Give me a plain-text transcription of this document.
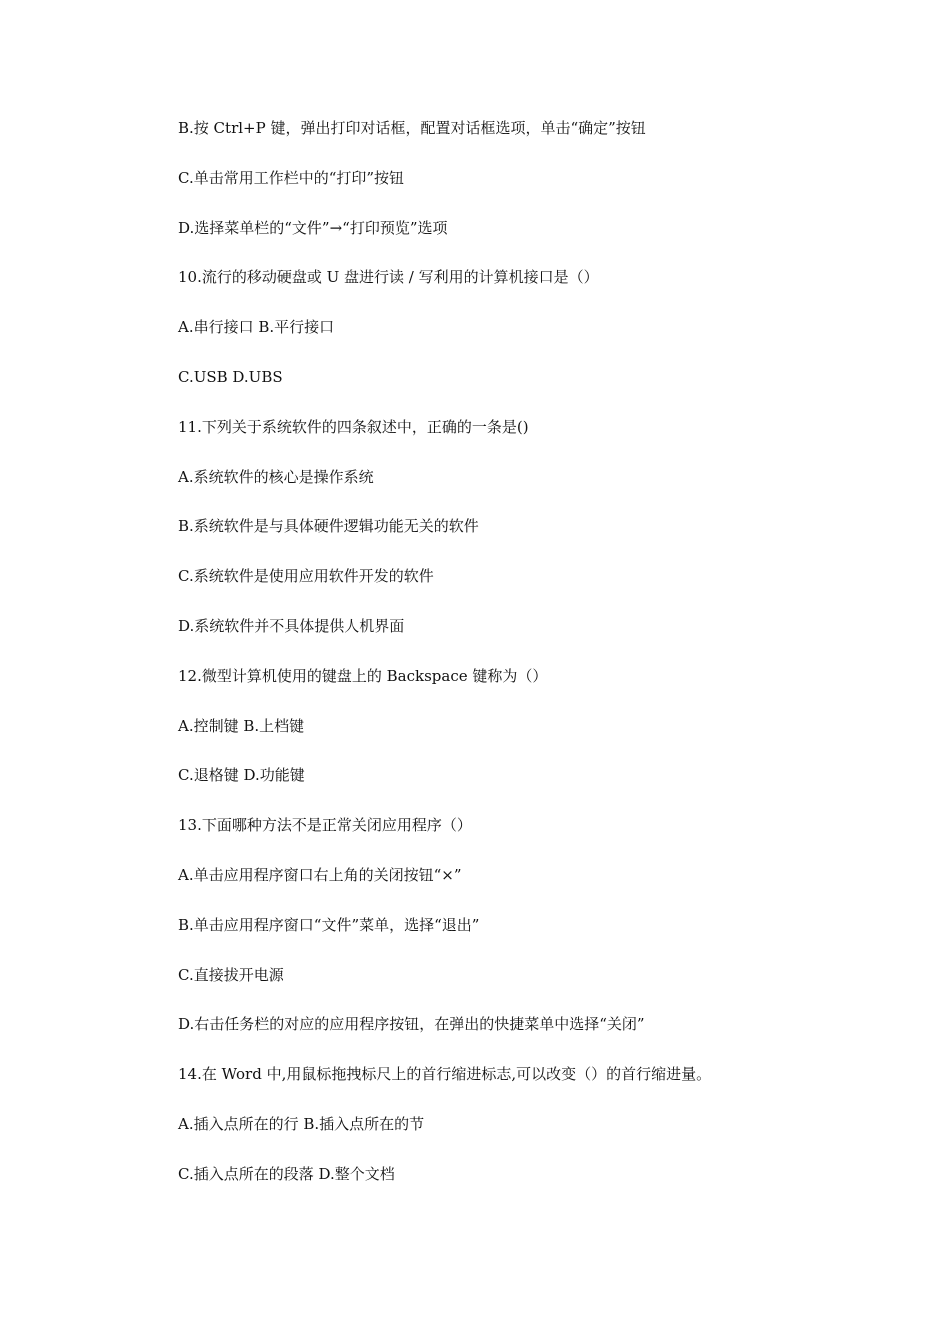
B.按 Ctrl+P 键，弹出打印对话框，配置对话框选项，单击“确定”按钮
C.单击常用工作栏中的“打印”按钮
D.选择菜单栏的“文件”→“打印预览”选项
10.流行的移动硬盘或 U 盘进行读 / 写利用的计算机接口是（）
A.串行接口 B.平行接口
C.USB D.UBS
11.下列关于系统软件的四条叙述中，正确的一条是()
A.系统软件的核心是操作系统
B.系统软件是与具体硬件逻辑功能无关的软件
C.系统软件是使用应用软件开发的软件
D.系统软件并不具体提供人机界面
12.微型计算机使用的键盘上的 Backspace 键称为（）
A.控制键 B.上档键
C.退格键 D.功能键
13.下面哪种方法不是正常关闭应用程序（）
A.单击应用程序窗口右上角的关闭按钮“×”
B.单击应用程序窗口“文件”菜单，选择“退出”
C.直接拔开电源
D.右击任务栏的对应的应用程序按钮，在弹出的快捷菜单中选择“关闭”
14.在 Word 中,用鼠标拖拽标尺上的首行缩进标志,可以改变（）的首行缩进量。
A.插入点所在的行 B.插入点所在的节
C.插入点所在的段落 D.整个文档
